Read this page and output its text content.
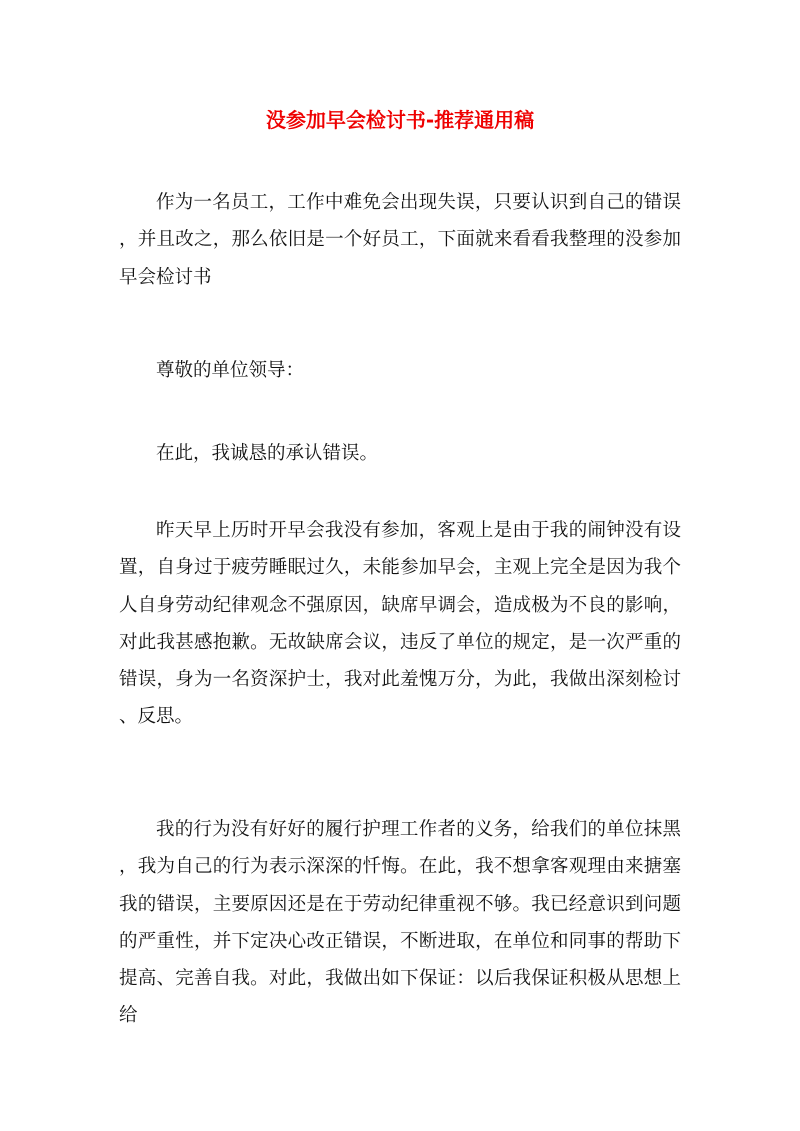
没参加早会检讨书-推荐通用稿

作为一名员工，工作中难免会出现失误，只要认识到自己的错误，并且改之，那么依旧是一个好员工，下面就来看看我整理的没参加早会检讨书

尊敬的单位领导：

在此，我诚恳的承认错误。

昨天早上历时开早会我没有参加，客观上是由于我的闹钟没有设置，自身过于疲劳睡眠过久，未能参加早会，主观上完全是因为我个人自身劳动纪律观念不强原因，缺席早调会，造成极为不良的影响，对此我甚感抱歉。无故缺席会议，违反了单位的规定，是一次严重的错误，身为一名资深护士，我对此羞愧万分，为此，我做出深刻检讨、反思。

我的行为没有好好的履行护理工作者的义务，给我们的单位抹黑，我为自己的行为表示深深的忏悔。在此，我不想拿客观理由来搪塞我的错误，主要原因还是在于劳动纪律重视不够。我已经意识到问题的严重性，并下定决心改正错误，不断进取，在单位和同事的帮助下提高、完善自我。对此，我做出如下保证：以后我保证积极从思想上给
